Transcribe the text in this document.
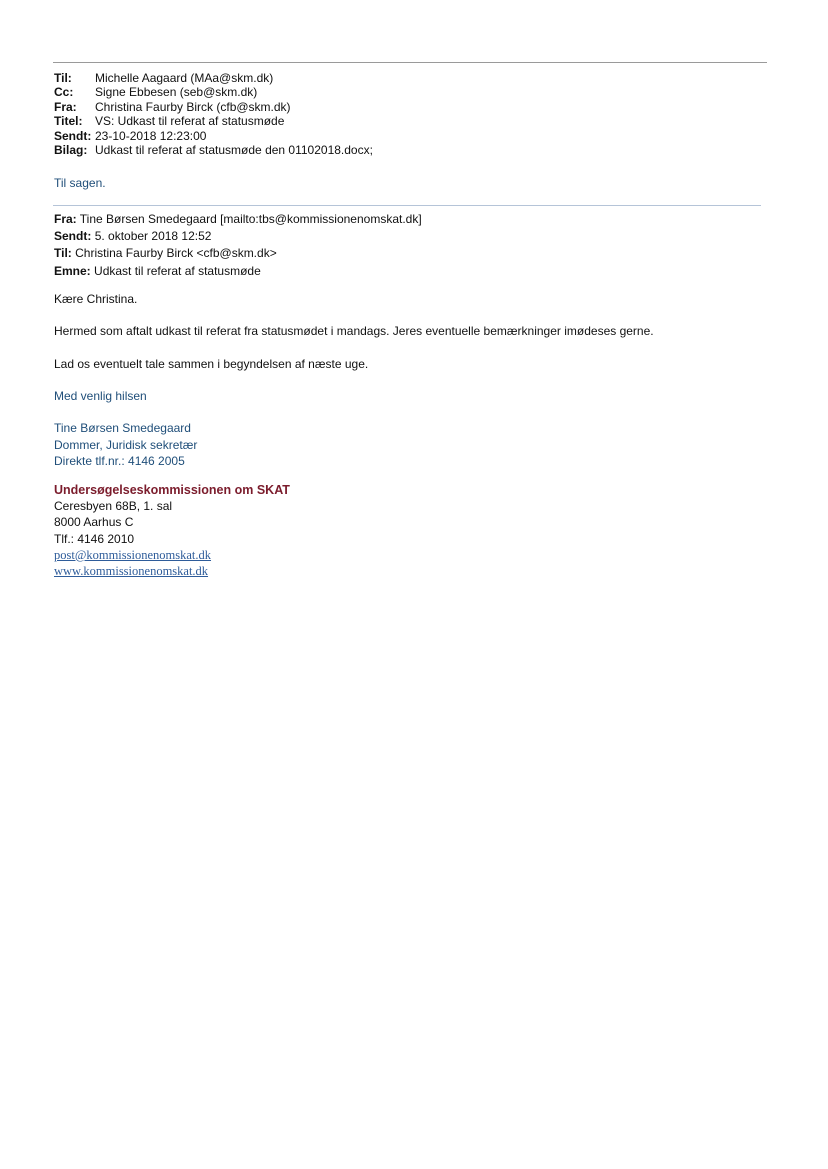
Til:	Michelle Aagaard (MAa@skm.dk)
Cc:	Signe Ebbesen (seb@skm.dk)
Fra:	Christina Faurby Birck (cfb@skm.dk)
Titel:	VS: Udkast til referat af statusmøde
Sendt: 23-10-2018 12:23:00
Bilag: Udkast til referat af statusmøde den 01102018.docx;
Til sagen.
Fra: Tine Børsen Smedegaard [mailto:tbs@kommissionenomskat.dk]
Sendt: 5. oktober 2018 12:52
Til: Christina Faurby Birck <cfb@skm.dk>
Emne: Udkast til referat af statusmøde
Kære Christina.
Hermed som aftalt udkast til referat fra statusmødet i mandags. Jeres eventuelle bemærkninger imødeses gerne.
Lad os eventuelt tale sammen i begyndelsen af næste uge.
Med venlig hilsen
Tine Børsen Smedegaard
Dommer, Juridisk sekretær
Direkte tlf.nr.: 4146 2005
Undersøgelseskommissionen om SKAT
Ceresbyen 68B, 1. sal
8000 Aarhus C
Tlf.: 4146 2010
post@kommissionenomskat.dk
www.kommissionenomskat.dk
